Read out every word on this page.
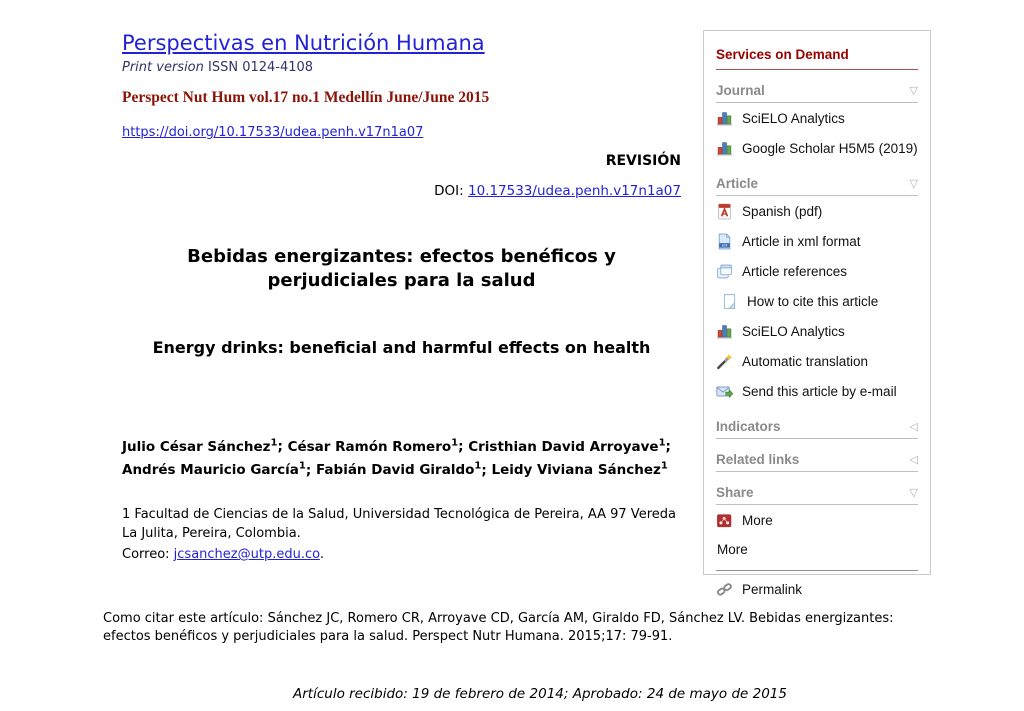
Perspectivas en Nutrición Humana
Print version ISSN 0124-4108
Perspect Nut Hum vol.17 no.1 Medellín June/June 2015
https://doi.org/10.17533/udea.penh.v17n1a07
REVISIÓN
DOI: 10.17533/udea.penh.v17n1a07
Bebidas energizantes: efectos benéficos y perjudiciales para la salud
Energy drinks: beneficial and harmful effects on health
Julio César Sánchez$^1$; César Ramón Romero$^1$; Cristhian David Arroyave$^1$; Andrés Mauricio García$^1$; Fabián David Giraldo$^1$; Leidy Viviana Sánchez$^1$
1 Facultad de Ciencias de la Salud, Universidad Tecnológica de Pereira, AA 97 Vereda La Julita, Pereira, Colombia.
Correo: jcsanchez@utp.edu.co.
Como citar este artículo: Sánchez JC, Romero CR, Arroyave CD, García AM, Giraldo FD, Sánchez LV. Bebidas energizantes: efectos benéficos y perjudiciales para la salud. Perspect Nutr Humana. 2015;17: 79-91.
Artículo recibido: 19 de febrero de 2014; Aprobado: 24 de mayo de 2015
Services on Demand
Journal	▽
SciELO Analytics
Google Scholar H5M5 (2019)
Article	▽
Spanish (pdf)
xml Article in xml format
Article references
How to cite this article
SciELO Analytics
Automatic translation
Send this article by e-mail
Indicators	◁
Related links	◁
Share	▽
More
More
Permalink
